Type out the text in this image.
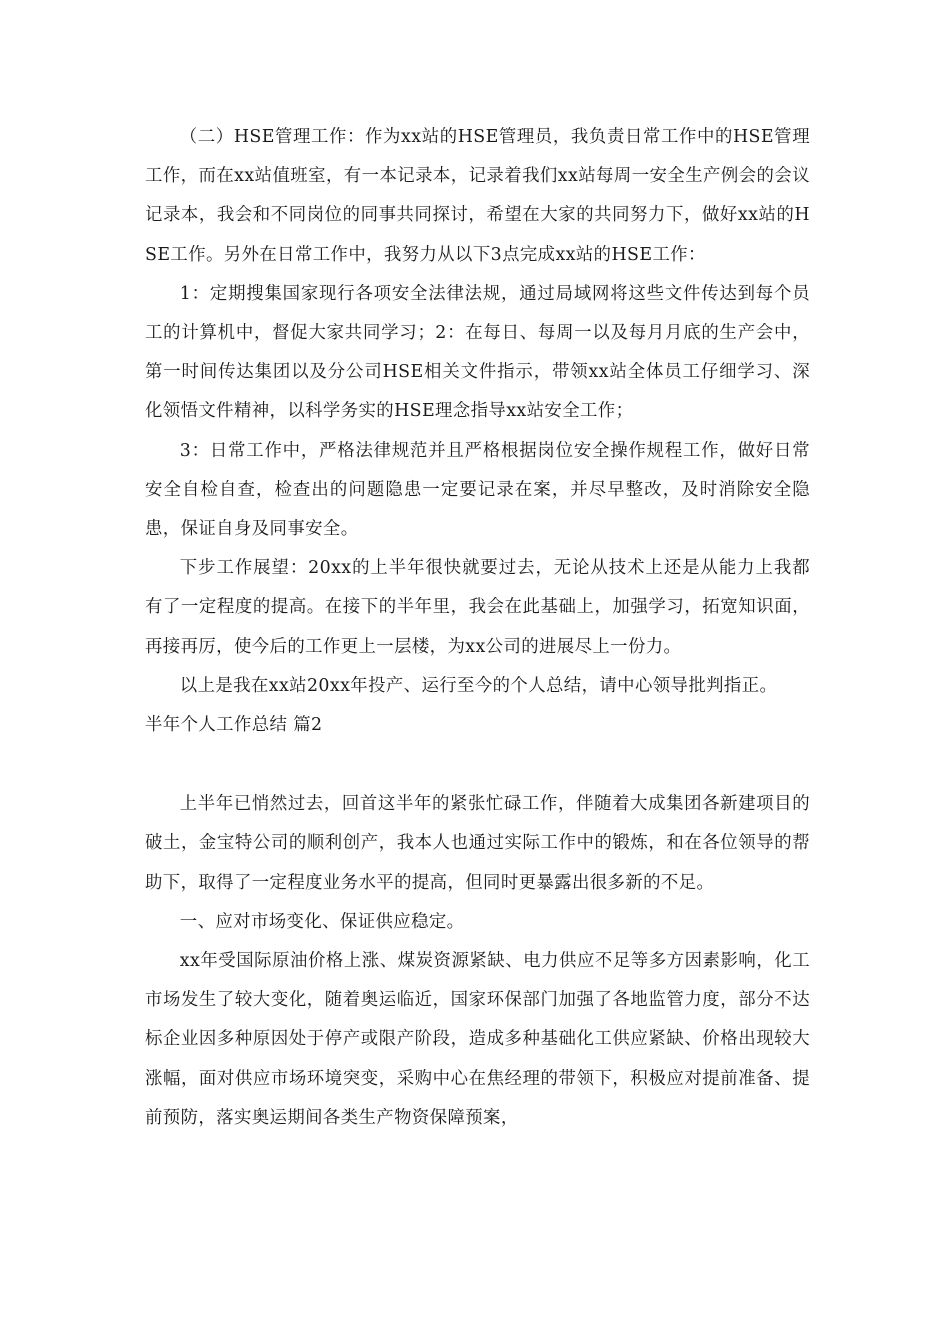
（二）HSE管理工作：作为xx站的HSE管理员，我负责日常工作中的HSE管理工作，而在xx站值班室，有一本记录本，记录着我们xx站每周一安全生产例会的会议记录本，我会和不同岗位的同事共同探讨，希望在大家的共同努力下，做好xx站的HSE工作。另外在日常工作中，我努力从以下3点完成xx站的HSE工作：

1：定期搜集国家现行各项安全法律法规，通过局域网将这些文件传达到每个员工的计算机中，督促大家共同学习；2：在每日、每周一以及每月月底的生产会中，第一时间传达集团以及分公司HSE相关文件指示，带领xx站全体员工仔细学习、深化领悟文件精神，以科学务实的HSE理念指导xx站安全工作；

3：日常工作中，严格法律规范并且严格根据岗位安全操作规程工作，做好日常安全自检自查，检查出的问题隐患一定要记录在案，并尽早整改，及时消除安全隐患，保证自身及同事安全。

下步工作展望：20xx的上半年很快就要过去，无论从技术上还是从能力上我都有了一定程度的提高。在接下的半年里，我会在此基础上，加强学习，拓宽知识面，再接再厉，使今后的工作更上一层楼，为xx公司的进展尽上一份力。

以上是我在xx站20xx年投产、运行至今的个人总结，请中心领导批判指正。

半年个人工作总结 篇2

上半年已悄然过去，回首这半年的紧张忙碌工作，伴随着大成集团各新建项目的破土，金宝特公司的顺利创产，我本人也通过实际工作中的锻炼，和在各位领导的帮助下，取得了一定程度业务水平的提高，但同时更暴露出很多新的不足。

一、应对市场变化、保证供应稳定。

xx年受国际原油价格上涨、煤炭资源紧缺、电力供应不足等多方因素影响，化工市场发生了较大变化，随着奥运临近，国家环保部门加强了各地监管力度，部分不达标企业因多种原因处于停产或限产阶段，造成多种基础化工供应紧缺、价格出现较大涨幅，面对供应市场环境突变，采购中心在焦经理的带领下，积极应对提前准备、提前预防，落实奥运期间各类生产物资保障预案，
